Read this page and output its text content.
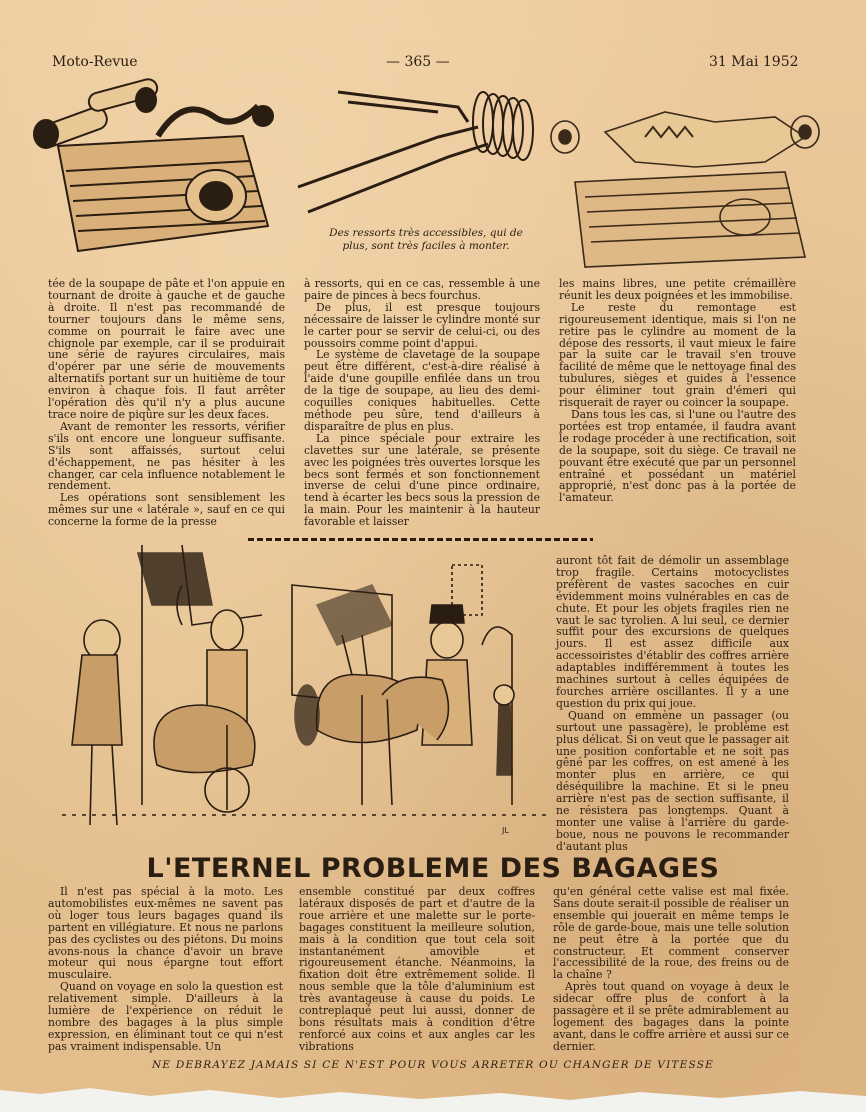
Moto-Revue	— 365 —	31 Mai 1952
Des ressorts très accessibles, qui de plus, sont très faciles à monter.

tée de la soupape de pâte et l'on appuie en tournant de droite à gauche et de gauche à droite. Il n'est pas recommandé de tourner toujours dans le même sens, comme on pourrait le faire avec une chignole par exemple, car il se produirait une série de rayures circulaires, mais d'opérer par une série de mouvements alternatifs portant sur un huitième de tour environ à chaque fois. Il faut arrêter l'opération dès qu'il n'y a plus aucune trace noire de piqûre sur les deux faces.

Avant de remonter les ressorts, vérifier s'ils ont encore une longueur suffisante. S'ils sont affaissés, surtout celui d'échappement, ne pas hésiter à les changer, car cela influence notablement le rendement.

Les opérations sont sensiblement les mêmes sur une « latérale », sauf en ce qui concerne la forme de la presse

à ressorts, qui en ce cas, ressemble à une paire de pinces à becs fourchus.

De plus, il est presque toujours nécessaire de laisser le cylindre monté sur le carter pour se servir de celui-ci, ou des poussoirs comme point d'appui.

Le système de clavetage de la soupape peut être différent, c'est-à-dire réalisé à l'aide d'une goupille enfilée dans un trou de la tige de soupape, au lieu des demi-coquilles coniques habituelles. Cette méthode peu sûre, tend d'ailleurs à disparaître de plus en plus.

La pince spéciale pour extraire les clavettes sur une latérale, se présente avec les poignées très ouvertes lorsque les becs sont fermés et son fonctionnement inverse de celui d'une pince ordinaire, tend à écarter les becs sous la pression de la main. Pour les maintenir à la hauteur favorable et laisser

les mains libres, une petite crémaillère réunit les deux poignées et les immobilise.

Le reste du remontage est rigoureusement identique, mais si l'on ne retire pas le cylindre au moment de la dépose des ressorts, il vaut mieux le faire par la suite car le travail s'en trouve facilité de même que le nettoyage final des tubulures, sièges et guides à l'essence pour éliminer tout grain d'émeri qui risquerait de rayer ou coincer la soupape.

Dans tous les cas, si l'une ou l'autre des portées est trop entamée, il faudra avant le rodage procéder à une rectification, soit de la soupape, soit du siège. Ce travail ne pouvant être exécuté que par un personnel entraîné et possédant un matériel approprié, n'est donc pas à la portée de l'amateur.

JL

auront tôt fait de démolir un assemblage trop fragile. Certains motocyclistes préfèrent de vastes sacoches en cuir évidemment moins vulnérables en cas de chute. Et pour les objets fragiles rien ne vaut le sac tyrolien. A lui seul, ce dernier suffit pour des excursions de quelques jours. Il est assez difficile aux accessoiristes d'établir des coffres arrière adaptables indifféremment à toutes les machines surtout à celles équipées de fourches arrière oscillantes. Il y a une question du prix qui joue.

Quand on emmène un passager (ou surtout une passagère), le problème est plus délicat. Si on veut que le passager ait une position confortable et ne soit pas gêné par les coffres, on est amené à les monter plus en arrière, ce qui déséquilibre la machine. Et si le pneu arrière n'est pas de section suffisante, il ne résistera pas longtemps. Quant à monter une valise à l'arrière du garde-boue, nous ne pouvons le recommander d'autant plus

L'ETERNEL PROBLEME DES BAGAGES

Il n'est pas spécial à la moto. Les automobilistes eux-mêmes ne savent pas où loger tous leurs bagages quand ils partent en villégiature. Et nous ne parlons pas des cyclistes ou des piétons. Du moins avons-nous la chance d'avoir un brave moteur qui nous épargne tout effort musculaire.

Quand on voyage en solo la question est relativement simple. D'ailleurs à la lumière de l'expérience on réduit le nombre des bagages à la plus simple expression, en éliminant tout ce qui n'est pas vraiment indispensable. Un

ensemble constitué par deux coffres latéraux disposés de part et d'autre de la roue arrière et une malette sur le porte-bagages constituent la meilleure solution, mais à la condition que tout cela soit instantanément amovible et rigoureusement étanche. Néanmoins, la fixation doit être extrêmement solide. Il nous semble que la tôle d'aluminium est très avantageuse à cause du poids. Le contreplaqué peut lui aussi, donner de bons résultats mais à condition d'être renforcé aux coins et aux angles car les vibrations

qu'en général cette valise est mal fixée. Sans doute serait-il possible de réaliser un ensemble qui jouerait en même temps le rôle de garde-boue, mais une telle solution ne peut être à la portée que du constructeur. Et comment conserver l'accessibilité de la roue, des freins ou de la chaîne ?

Après tout quand on voyage à deux le sidecar offre plus de confort à la passagère et il se prête admirablement au logement des bagages dans la pointe avant, dans le coffre arrière et aussi sur ce dernier.

NE DEBRAYEZ JAMAIS SI CE N'EST POUR VOUS ARRETER OU CHANGER DE VITESSE
